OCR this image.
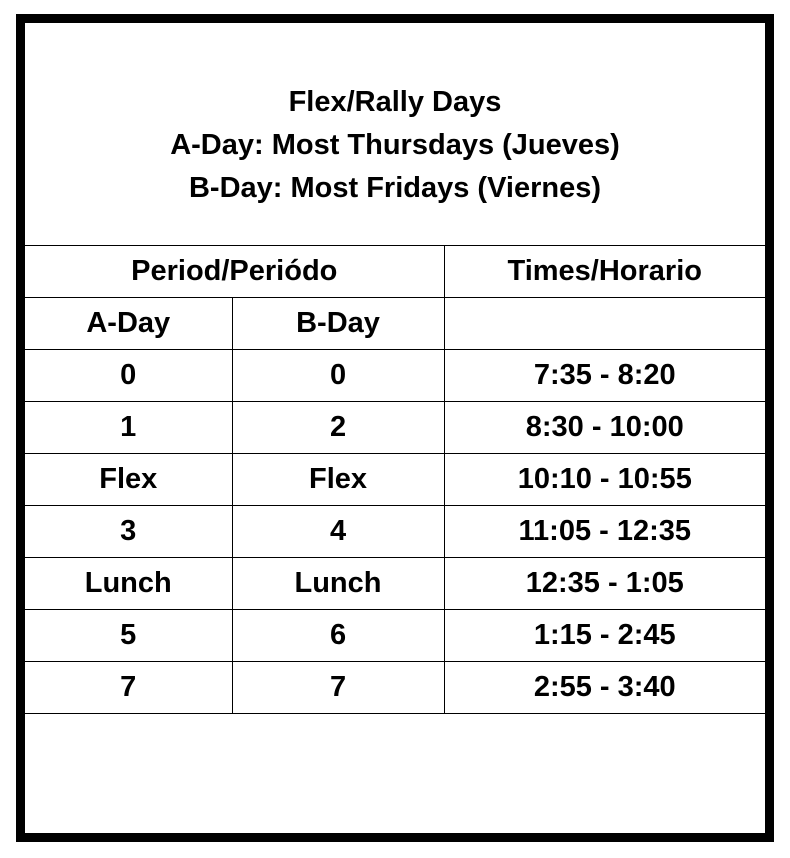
Flex/Rally Days
A-Day: Most Thursdays (Jueves)
B-Day: Most Fridays (Viernes)
Period/Periódo		Times/Horario
A-Day	B-Day	
0	0	7:35 - 8:20
1	2	8:30 - 10:00
Flex	Flex	10:10 - 10:55
3	4	11:05 - 12:35
Lunch	Lunch	12:35 - 1:05
5	6	1:15 - 2:45
7	7	2:55 - 3:40
